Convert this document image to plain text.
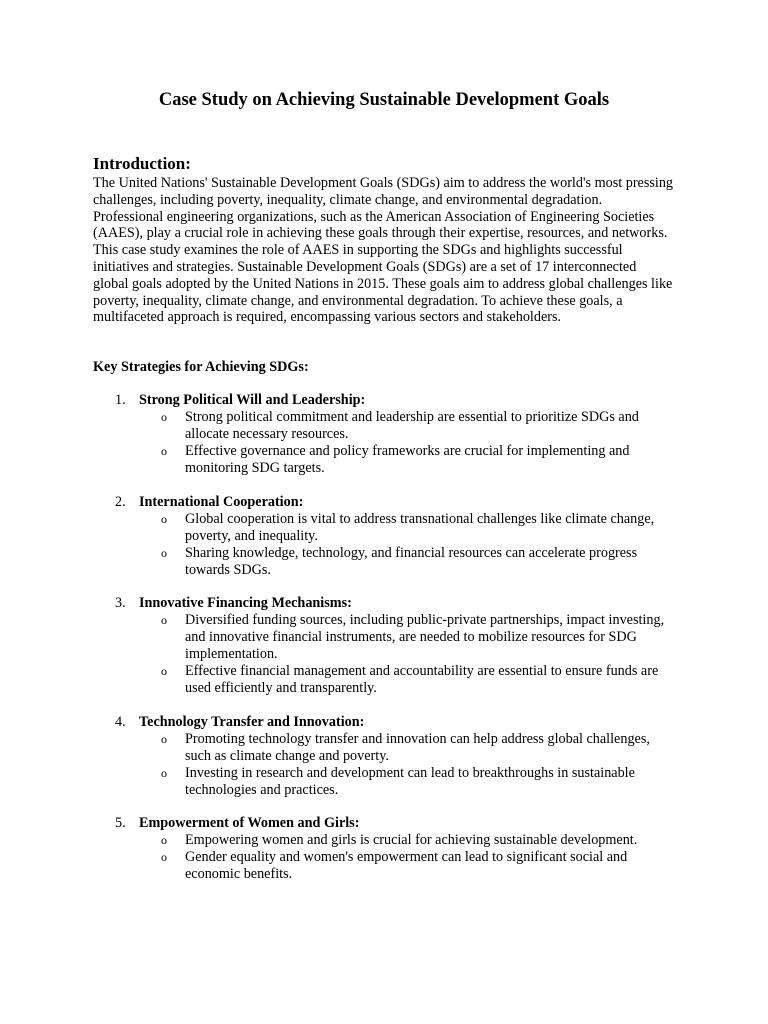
Case Study on Achieving Sustainable Development Goals
Introduction:

The United Nations' Sustainable Development Goals (SDGs) aim to address the world's most pressing challenges, including poverty, inequality, climate change, and environmental degradation. Professional engineering organizations, such as the American Association of Engineering Societies (AAES), play a crucial role in achieving these goals through their expertise, resources, and networks. This case study examines the role of AAES in supporting the SDGs and highlights successful initiatives and strategies. Sustainable Development Goals (SDGs) are a set of 17 interconnected global goals adopted by the United Nations in 2015. These goals aim to address global challenges like poverty, inequality, climate change, and environmental degradation. To achieve these goals, a multifaceted approach is required, encompassing various sectors and stakeholders.

Key Strategies for Achieving SDGs:

1. Strong Political Will and Leadership:
o Strong political commitment and leadership are essential to prioritize SDGs and allocate necessary resources.
o Effective governance and policy frameworks are crucial for implementing and monitoring SDG targets.
2. International Cooperation:
o Global cooperation is vital to address transnational challenges like climate change, poverty, and inequality.
o Sharing knowledge, technology, and financial resources can accelerate progress towards SDGs.
3. Innovative Financing Mechanisms:
o Diversified funding sources, including public-private partnerships, impact investing, and innovative financial instruments, are needed to mobilize resources for SDG implementation.
o Effective financial management and accountability are essential to ensure funds are used efficiently and transparently.
4. Technology Transfer and Innovation:
o Promoting technology transfer and innovation can help address global challenges, such as climate change and poverty.
o Investing in research and development can lead to breakthroughs in sustainable technologies and practices.
5. Empowerment of Women and Girls:
o Empowering women and girls is crucial for achieving sustainable development.
o Gender equality and women's empowerment can lead to significant social and economic benefits.
